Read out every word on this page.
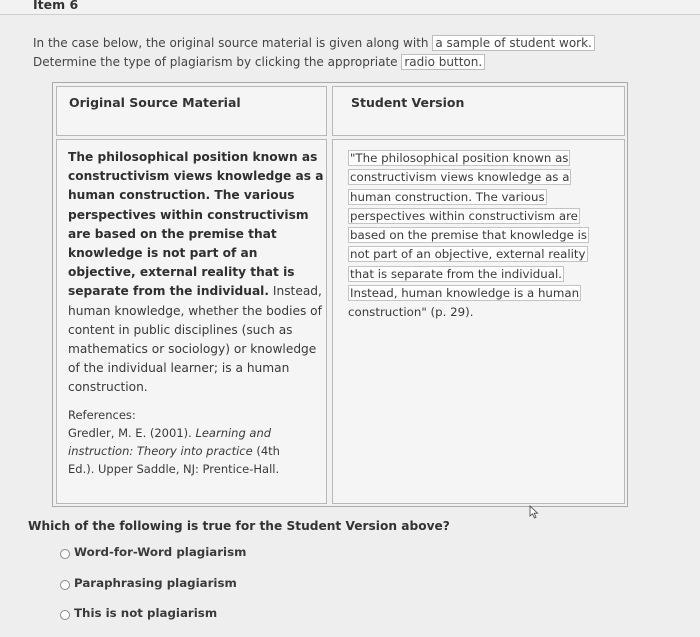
Item 6
In the case below, the original source material is given along with a sample of student work.
Determine the type of plagiarism by clicking the appropriate radio button.
Original Source Material	Student Version
The philosophical position known as
constructivism views knowledge as a
human construction. The various
perspectives within constructivism
are based on the premise that
knowledge is not part of an
objective, external reality that is
separate from the individual. Instead,
human knowledge, whether the bodies of
content in public disciplines (such as
mathematics or sociology) or knowledge
of the individual learner; is a human
construction.
References:
Gredler, M. E. (2001). Learning and
instruction: Theory into practice (4th
Ed.). Upper Saddle, NJ: Prentice-Hall.
"The philosophical position known as
constructivism views knowledge as a
human construction. The various
perspectives within constructivism are
based on the premise that knowledge is
not part of an objective, external reality
that is separate from the individual.
Instead, human knowledge is a human
construction" (p. 29).
Which of the following is true for the Student Version above?
Word-for-Word plagiarism
Paraphrasing plagiarism
This is not plagiarism
